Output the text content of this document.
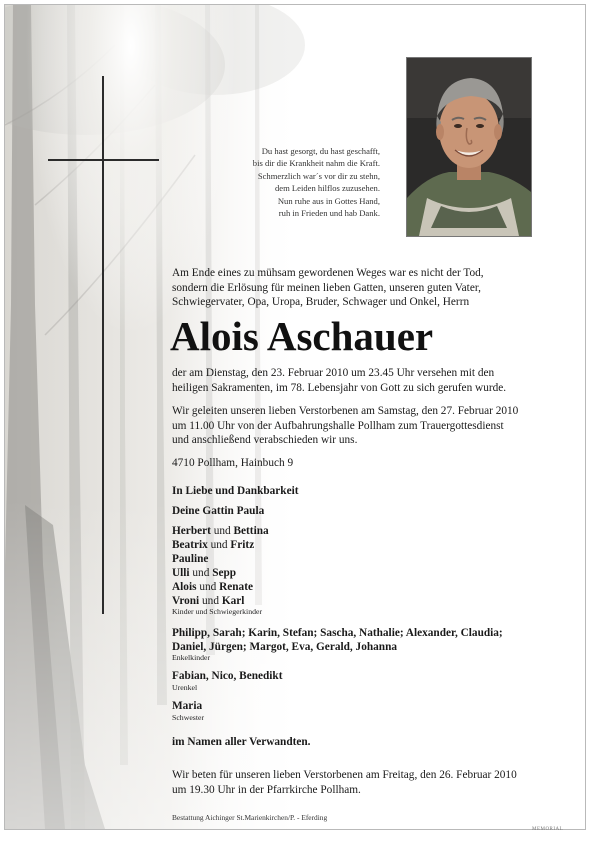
Du hast gesorgt, du hast geschafft,
bis dir die Krankheit nahm die Kraft.
Schmerzlich war´s vor dir zu stehn,
dem Leiden hilflos zuzusehen.
Nun ruhe aus in Gottes Hand,
ruh in Frieden und hab Dank.
Am Ende eines zu mühsam gewordenen Weges war es nicht der Tod,
sondern die Erlösung für meinen lieben Gatten, unseren guten Vater,
Schwiegervater, Opa, Uropa, Bruder, Schwager und Onkel, Herrn
Alois Aschauer
der am Dienstag, den 23. Februar 2010 um 23.45 Uhr versehen mit den
heiligen Sakramenten, im 78. Lebensjahr von Gott zu sich gerufen wurde.
Wir geleiten unseren lieben Verstorbenen am Samstag, den 27. Februar 2010
um 11.00 Uhr von der Aufbahrungshalle Pollham zum Trauergottesdienst
und anschließend verabschieden wir uns.
4710 Pollham, Hainbuch 9
In Liebe und Dankbarkeit
Deine Gattin Paula
Herbert und Bettina
Beatrix und Fritz
Pauline
Ulli und Sepp
Alois und Renate
Vroni und Karl
Kinder und Schwiegerkinder
Philipp, Sarah; Karin, Stefan; Sascha, Nathalie; Alexander, Claudia;
Daniel, Jürgen; Margot, Eva, Gerald, Johanna
Enkelkinder
Fabian, Nico, Benedikt
Urenkel
Maria
Schwester
im Namen aller Verwandten.
Wir beten für unseren lieben Verstorbenen am Freitag, den 26. Februar 2010
um 19.30 Uhr in der Pfarrkirche Pollham.
Bestattung Aichinger St.Marienkirchen/P. - Eferding
MEMORIAL
